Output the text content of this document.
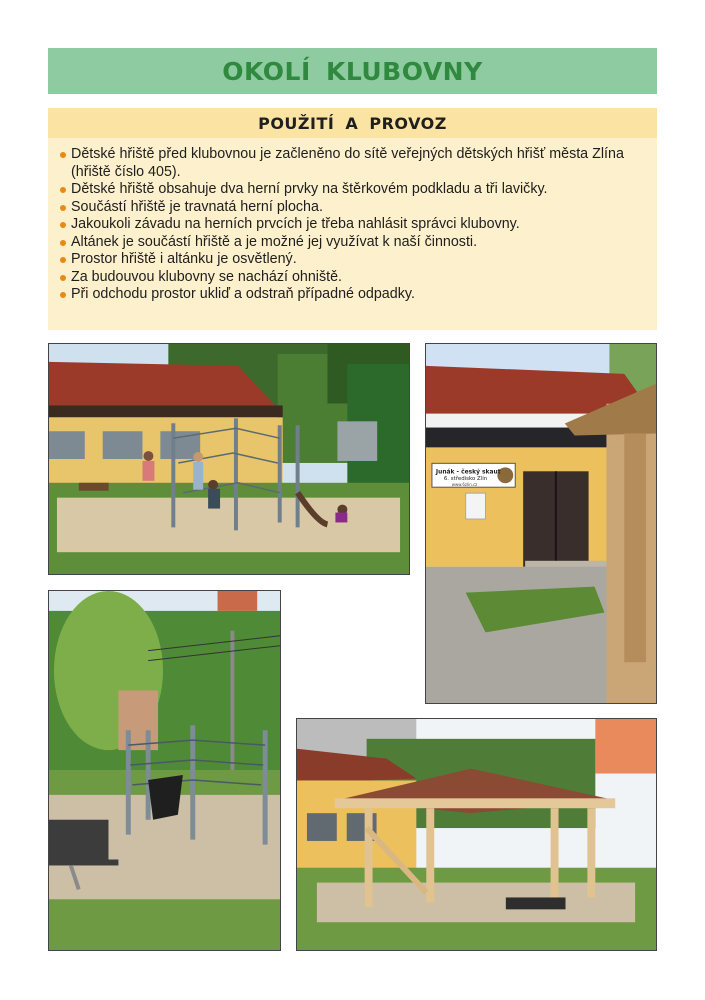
OKOLÍ KLUBOVNY
POUŽITÍ A PROVOZ
Dětské hřiště před klubovnou je začleněno do sítě veřejných dětských hřišť města Zlína (hřiště číslo 405).
Dětské hřiště obsahuje dva herní prvky na štěrkovém podkladu a tři lavičky.
Součástí hřiště je travnatá herní plocha.
Jakoukoli závadu na herních prvcích je třeba nahlásit správci klubovny.
Altánek je součástí hřiště a je možné jej využívat k naší činnosti.
Prostor hřiště i altánku je osvětlený.
Za budouvou klubovny se nachází ohniště.
Při odchodu prostor ukliď a odstraň případné odpadky.
Junák - český skaut
6. středisko Zlín
www.6zlin.cz
